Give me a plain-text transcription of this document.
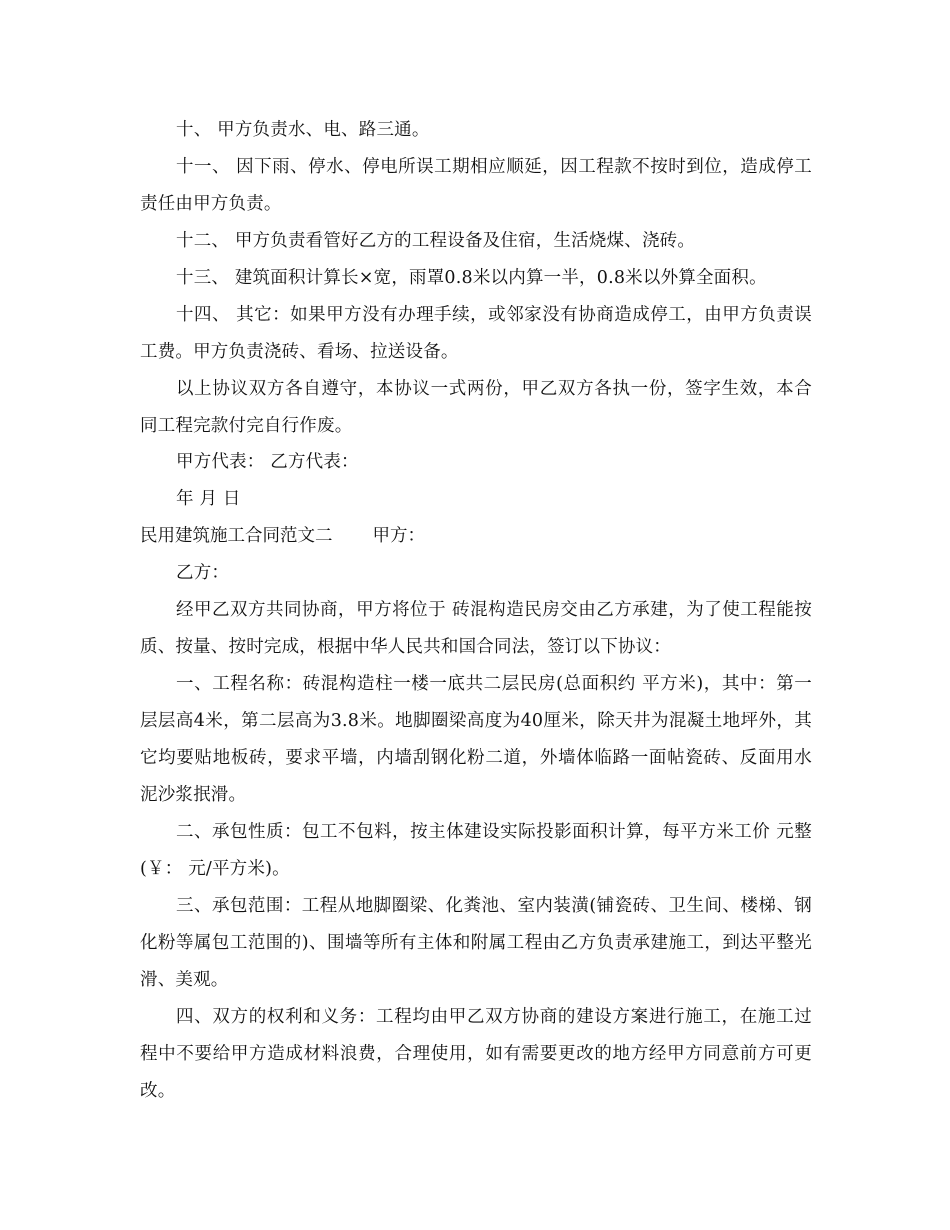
十、 甲方负责水、电、路三通。
十一、 因下雨、停水、停电所误工期相应顺延，因工程款不按时到位，造成停工责任由甲方负责。
十二、 甲方负责看管好乙方的工程设备及住宿，生活烧煤、浇砖。
十三、 建筑面积计算长×宽，雨罩0.8米以内算一半，0.8米以外算全面积。
十四、 其它：如果甲方没有办理手续，或邻家没有协商造成停工，由甲方负责误工费。甲方负责浇砖、看场、拉送设备。
以上协议双方各自遵守，本协议一式两份，甲乙双方各执一份，签字生效，本合同工程完款付完自行作废。
甲方代表： 乙方代表：
年 月 日
民用建筑施工合同范文二 甲方：
乙方：
经甲乙双方共同协商，甲方将位于 砖混构造民房交由乙方承建，为了使工程能按质、按量、按时完成，根据中华人民共和国合同法，签订以下协议：
一、工程名称：砖混构造柱一楼一底共二层民房(总面积约 平方米)，其中：第一层层高4米，第二层高为3.8米。地脚圈梁高度为40厘米，除天井为混凝土地坪外，其它均要贴地板砖，要求平墙，内墙刮钢化粉二道，外墙体临路一面帖瓷砖、反面用水泥沙浆抿滑。
二、承包性质：包工不包料，按主体建设实际投影面积计算，每平方米工价 元整(￥： 元/平方米)。
三、承包范围：工程从地脚圈梁、化粪池、室内装潢(铺瓷砖、卫生间、楼梯、钢化粉等属包工范围的)、围墙等所有主体和附属工程由乙方负责承建施工，到达平整光滑、美观。
四、双方的权利和义务：工程均由甲乙双方协商的建设方案进行施工，在施工过程中不要给甲方造成材料浪费，合理使用，如有需要更改的地方经甲方同意前方可更改。
